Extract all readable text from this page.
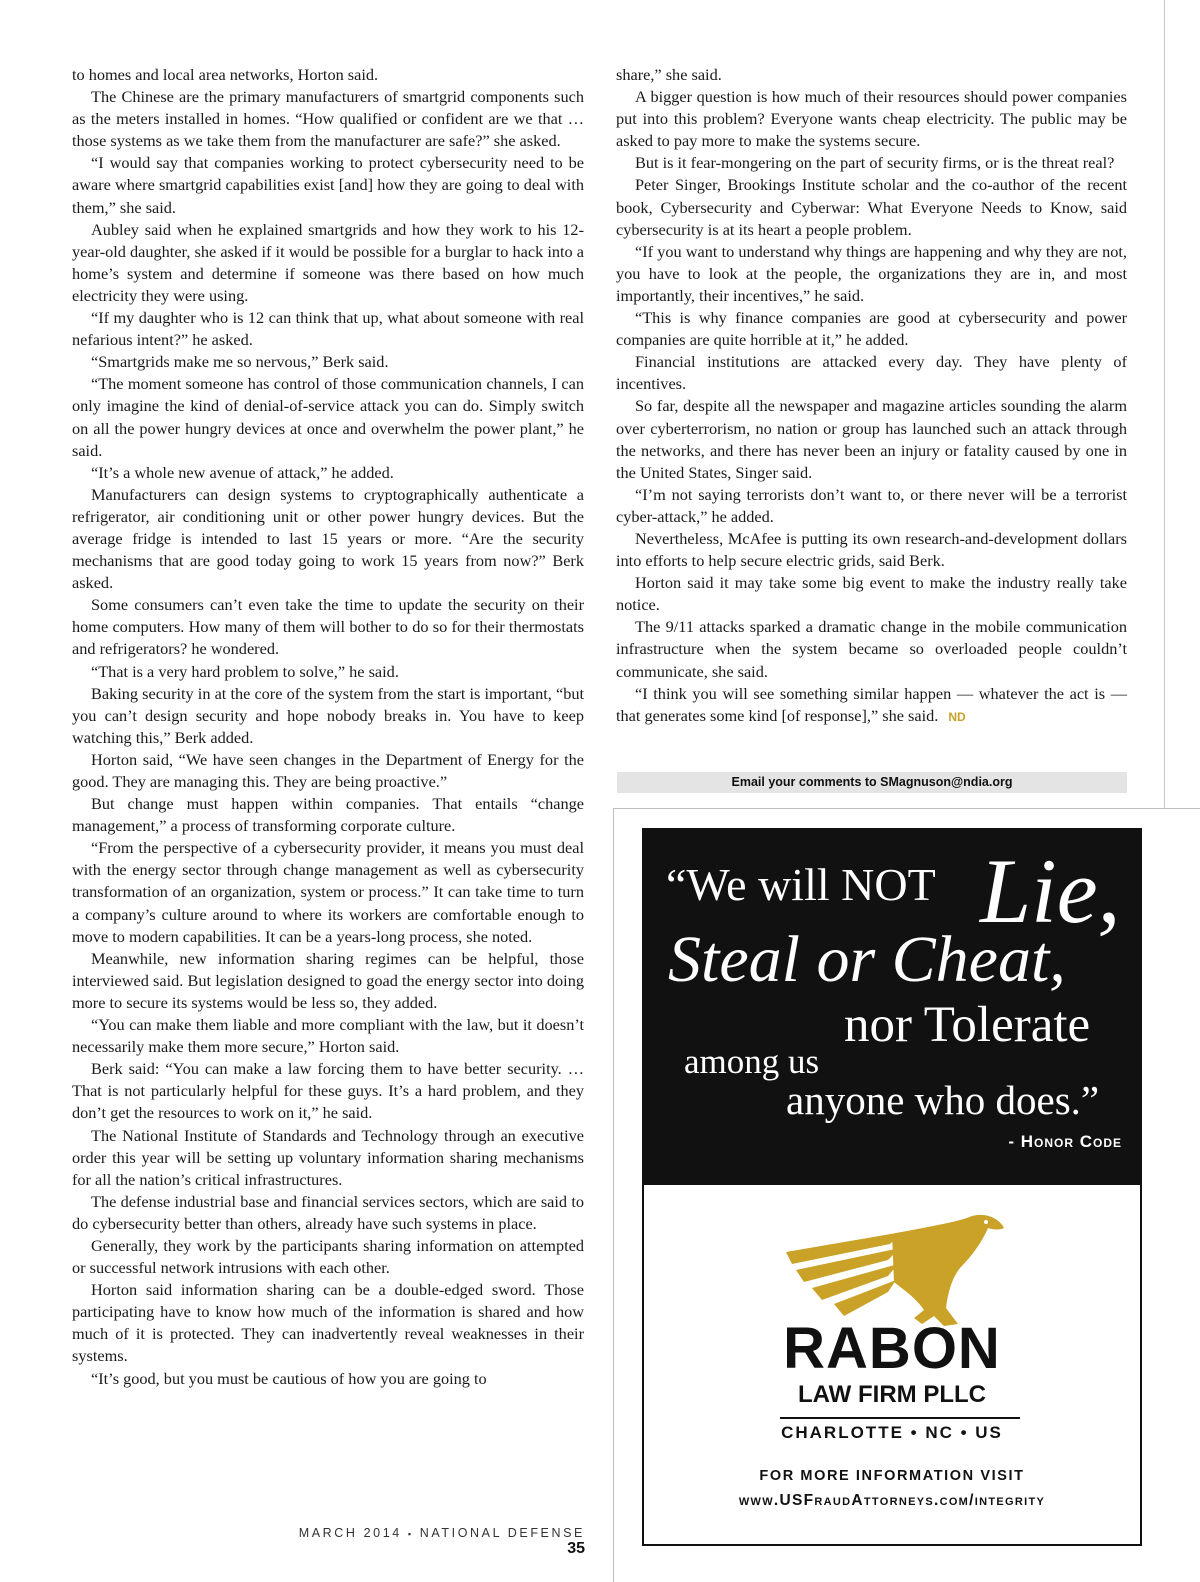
to homes and local area networks, Horton said.

The Chinese are the primary manufacturers of smartgrid components such as the meters installed in homes. “How qualified or confident are we that … those systems as we take them from the manufacturer are safe?” she asked.

“I would say that companies working to protect cybersecurity need to be aware where smartgrid capabilities exist [and] how they are going to deal with them,” she said.

Aubley said when he explained smartgrids and how they work to his 12-year-old daughter, she asked if it would be possible for a burglar to hack into a home’s system and determine if someone was there based on how much electricity they were using.

“If my daughter who is 12 can think that up, what about someone with real nefarious intent?” he asked.

“Smartgrids make me so nervous,” Berk said.

“The moment someone has control of those communication channels, I can only imagine the kind of denial-of-service attack you can do. Simply switch on all the power hungry devices at once and overwhelm the power plant,” he said.

“It’s a whole new avenue of attack,” he added.

Manufacturers can design systems to cryptographically authenticate a refrigerator, air conditioning unit or other power hungry devices. But the average fridge is intended to last 15 years or more. “Are the security mechanisms that are good today going to work 15 years from now?” Berk asked.

Some consumers can’t even take the time to update the security on their home computers. How many of them will bother to do so for their thermostats and refrigerators? he wondered.

“That is a very hard problem to solve,” he said.

Baking security in at the core of the system from the start is important, “but you can’t design security and hope nobody breaks in. You have to keep watching this,” Berk added.

Horton said, “We have seen changes in the Department of Energy for the good. They are managing this. They are being proactive.”

But change must happen within companies. That entails “change management,” a process of transforming corporate culture.

“From the perspective of a cybersecurity provider, it means you must deal with the energy sector through change management as well as cybersecurity transformation of an organization, system or process.” It can take time to turn a company’s culture around to where its workers are comfortable enough to move to modern capabilities. It can be a years-long process, she noted.

Meanwhile, new information sharing regimes can be helpful, those interviewed said. But legislation designed to goad the energy sector into doing more to secure its systems would be less so, they added.

“You can make them liable and more compliant with the law, but it doesn’t necessarily make them more secure,” Horton said.

Berk said: “You can make a law forcing them to have better security. … That is not particularly helpful for these guys. It’s a hard problem, and they don’t get the resources to work on it,” he said.

The National Institute of Standards and Technology through an executive order this year will be setting up voluntary information sharing mechanisms for all the nation’s critical infrastructures.

The defense industrial base and financial services sectors, which are said to do cybersecurity better than others, already have such systems in place.

Generally, they work by the participants sharing information on attempted or successful network intrusions with each other.

Horton said information sharing can be a double-edged sword. Those participating have to know how much of the information is shared and how much of it is protected. They can inadvertently reveal weaknesses in their systems.

“It’s good, but you must be cautious of how you are going to

share,” she said.

A bigger question is how much of their resources should power companies put into this problem? Everyone wants cheap electricity. The public may be asked to pay more to make the systems secure.

But is it fear-mongering on the part of security firms, or is the threat real?

Peter Singer, Brookings Institute scholar and the co-author of the recent book, Cybersecurity and Cyberwar: What Everyone Needs to Know, said cybersecurity is at its heart a people problem.

“If you want to understand why things are happening and why they are not, you have to look at the people, the organizations they are in, and most importantly, their incentives,” he said.

“This is why finance companies are good at cybersecurity and power companies are quite horrible at it,” he added.

Financial institutions are attacked every day. They have plenty of incentives.

So far, despite all the newspaper and magazine articles sounding the alarm over cyberterrorism, no nation or group has launched such an attack through the networks, and there has never been an injury or fatality caused by one in the United States, Singer said.

“I’m not saying terrorists don’t want to, or there never will be a terrorist cyber-attack,” he added.

Nevertheless, McAfee is putting its own research-and-development dollars into efforts to help secure electric grids, said Berk.

Horton said it may take some big event to make the industry really take notice.

The 9/11 attacks sparked a dramatic change in the mobile communication infrastructure when the system became so overloaded people couldn’t communicate, she said.

“I think you will see something similar happen — whatever the act is — that generates some kind [of response],” she said. ND

Email your comments to SMagnuson@ndia.org
MARCH 2014 ▪ NATIONAL DEFENSE 35
“We will NOT Lie,
Steal or Cheat,
nor Tolerate
among us
anyone who does.”
- Honor Code
RABON
LAW FIRM PLLC
CHARLOTTE • NC • US
FOR MORE INFORMATION VISIT
www.USFraudAttorneys.com/integrity
